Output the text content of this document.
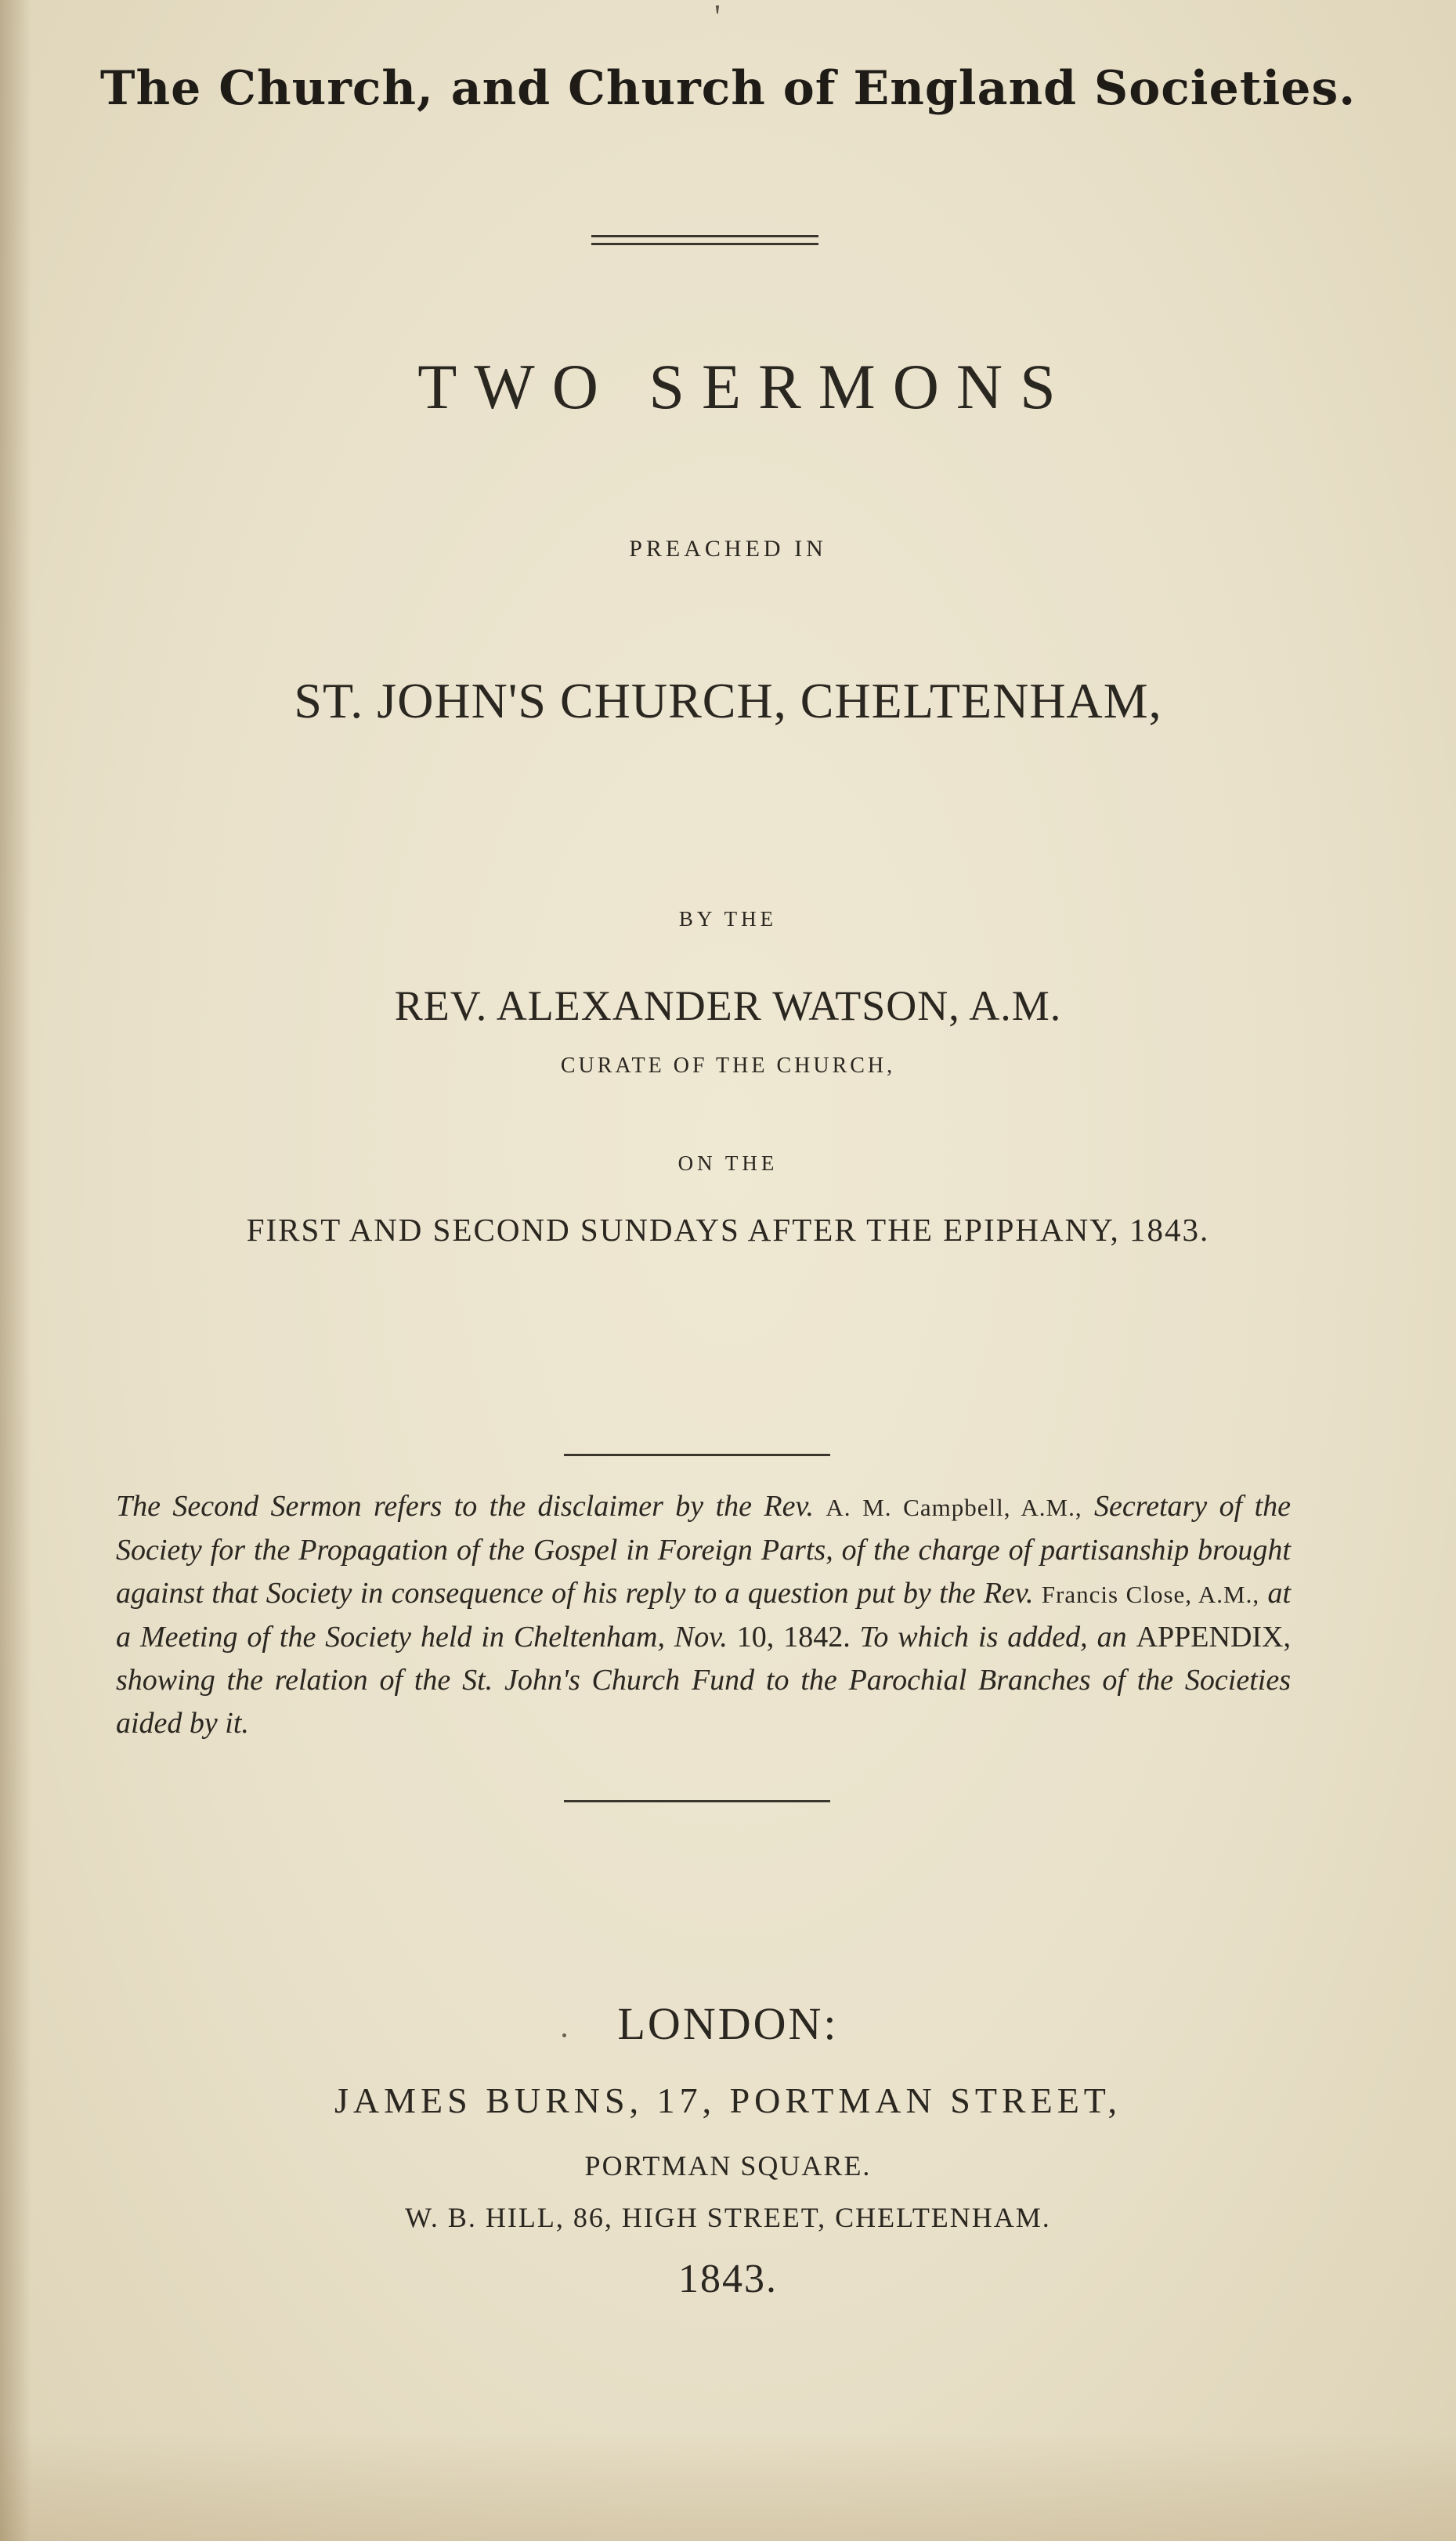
'
The Church, and Church of England Societies.
TWO SERMONS
PREACHED IN
ST. JOHN'S CHURCH, CHELTENHAM,
BY THE
REV. ALEXANDER WATSON, A.M.
CURATE OF THE CHURCH,
ON THE
FIRST AND SECOND SUNDAYS AFTER THE EPIPHANY, 1843.
The Second Sermon refers to the disclaimer by the Rev. A. M. Campbell, A.M., Secretary of the Society for the Propagation of the Gospel in Foreign Parts, of the charge of partisanship brought against that Society in consequence of his reply to a question put by the Rev. Francis Close, A.M., at a Meeting of the Society held in Cheltenham, Nov. 10, 1842. To which is added, an APPENDIX, showing the relation of the St. John's Church Fund to the Parochial Branches of the Societies aided by it.
LONDON:
JAMES BURNS, 17, PORTMAN STREET,
PORTMAN SQUARE.
W. B. HILL, 86, HIGH STREET, CHELTENHAM.
1843.
